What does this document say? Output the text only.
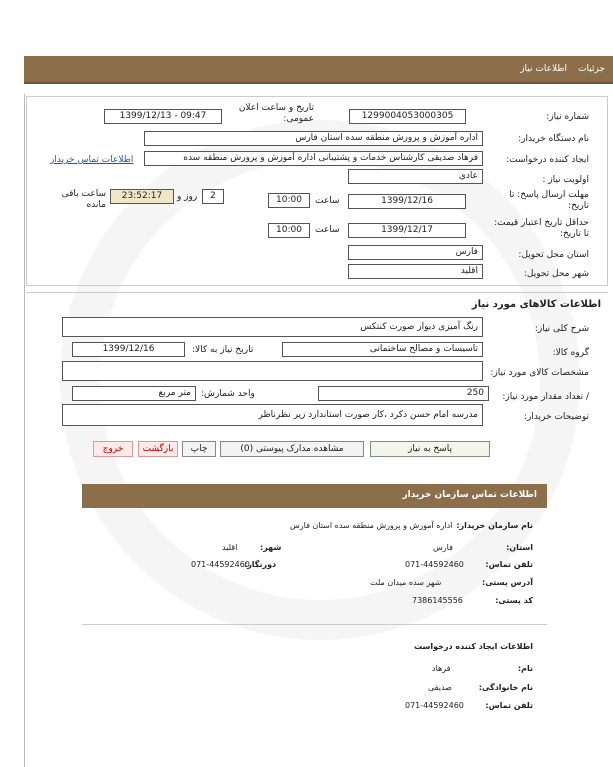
جزئیات
اطلاعات نیاز
شماره نیاز:
1299004053000305
تاریخ و ساعت اعلان عمومی:
1399/12/13 - 09:47
نام دستگاه خریدار:
اداره آموزش و پرورش منطقه سده استان فارس
ایجاد کننده درخواست:
فرهاد صدیقی کارشناس خدمات و پشتیبانی اداره آموزش و پرورش منطقه سده
اطلاعات تماس خریدار
اولویت نیاز :
عادی
مهلت ارسال پاسخ: تا تاریخ:
1399/12/16
ساعت
10:00
2
روز و
23:52:17
ساعت باقی مانده
حداقل تاریخ اعتبار قیمت: تا تاریخ:
1399/12/17
ساعت
10:00
استان محل تحویل:
فارس
شهر محل تحویل:
اقلید
اطلاعات کالاهای مورد نیاز
شرح کلی نیاز:
رنگ آمیزی دیوار صورت کنتکس
گروه کالا:
تاسیسات و مصالح ساختمانی
تاریخ نیاز به کالا:
1399/12/16
مشخصات کالای مورد نیاز:
/ تعداد مقدار مورد نیاز:
250
واحد شمارش:
متر مربع
توضیحات خریدار:
مدرسه امام حسن ذکرد ،کار صورت استاندارد زیر نظرناظر
پاسخ به نیاز
مشاهده مدارک پیوستی (0)
چاپ
بازگشت
خروج
اطلاعات تماس سازمان خریدار
نام سازمان خریدار:
اداره آموزش و پرورش منطقه سده استان فارس
استان:
فارس
شهر:
اقلید
تلفن تماس:
071-44592460
دورنگار:
071-44592460
آدرس پستی:
شهر سده میدان ملت
کد پستی:
7386145556
اطلاعات ایجاد کننده درخواست
نام:
فرهاد
نام خانوادگی:
صدیقی
تلفن تماس:
071-44592460
